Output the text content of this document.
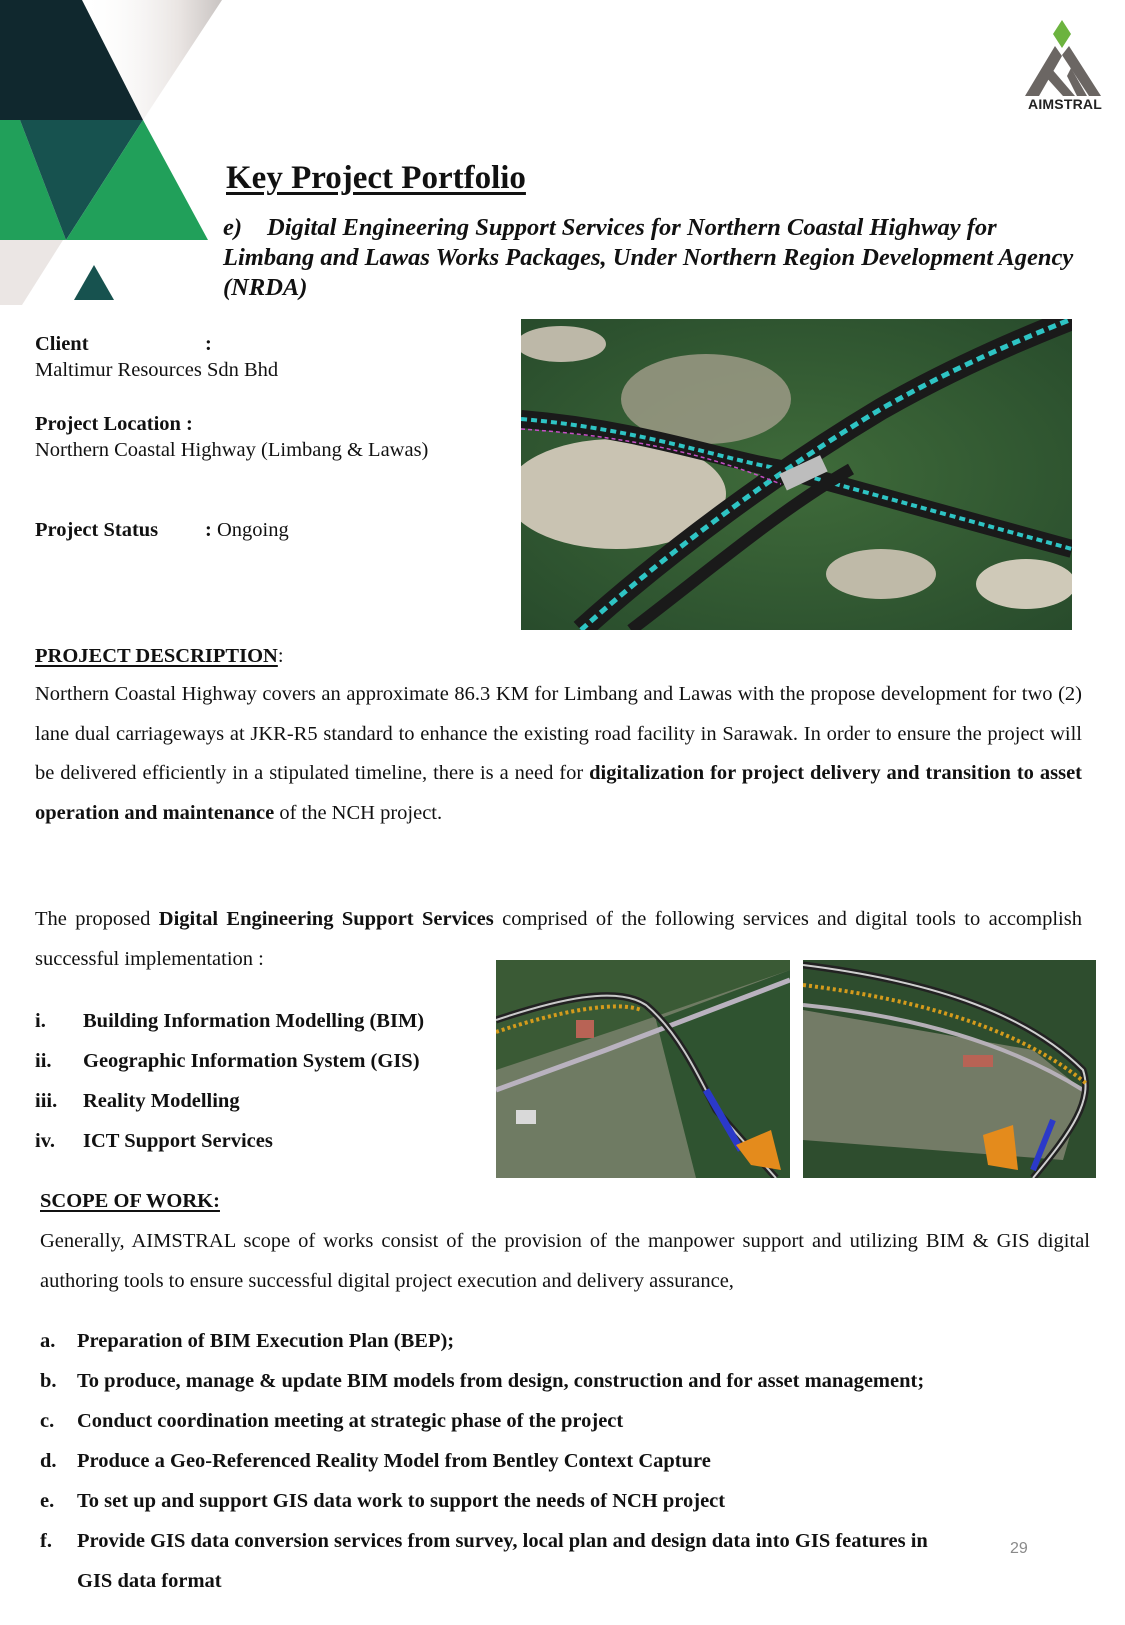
AIMSTRAL
Key Project Portfolio
e) Digital Engineering Support Services for Northern Coastal Highway for Limbang and Lawas Works Packages, Under Northern Region Development Agency (NRDA)
Client	:
Maltimur Resources Sdn Bhd
Project Location :
Northern Coastal Highway (Limbang & Lawas)
Project Status : Ongoing
PROJECT DESCRIPTION:
Northern Coastal Highway covers an approximate 86.3 KM for Limbang and Lawas with the propose development for two (2) lane dual carriageways at JKR-R5 standard to enhance the existing road facility in Sarawak. In order to ensure the project will be delivered efficiently in a stipulated timeline, there is a need for digitalization for project delivery and transition to asset operation and maintenance of the NCH project.
The proposed Digital Engineering Support Services comprised of the following services and digital tools to accomplish successful implementation :
i. Building Information Modelling (BIM)
ii. Geographic Information System (GIS)
iii. Reality Modelling
iv. ICT Support Services
SCOPE OF WORK:
Generally, AIMSTRAL scope of works consist of the provision of the manpower support and utilizing BIM & GIS digital authoring tools to ensure successful digital project execution and delivery assurance,
a. Preparation of BIM Execution Plan (BEP);
b. To produce, manage & update BIM models from design, construction and for asset management;
c. Conduct coordination meeting at strategic phase of the project
d. Produce a Geo-Referenced Reality Model from Bentley Context Capture
e. To set up and support GIS data work to support the needs of NCH project
f. Provide GIS data conversion services from survey, local plan and design data into GIS features in
GIS data format
29
